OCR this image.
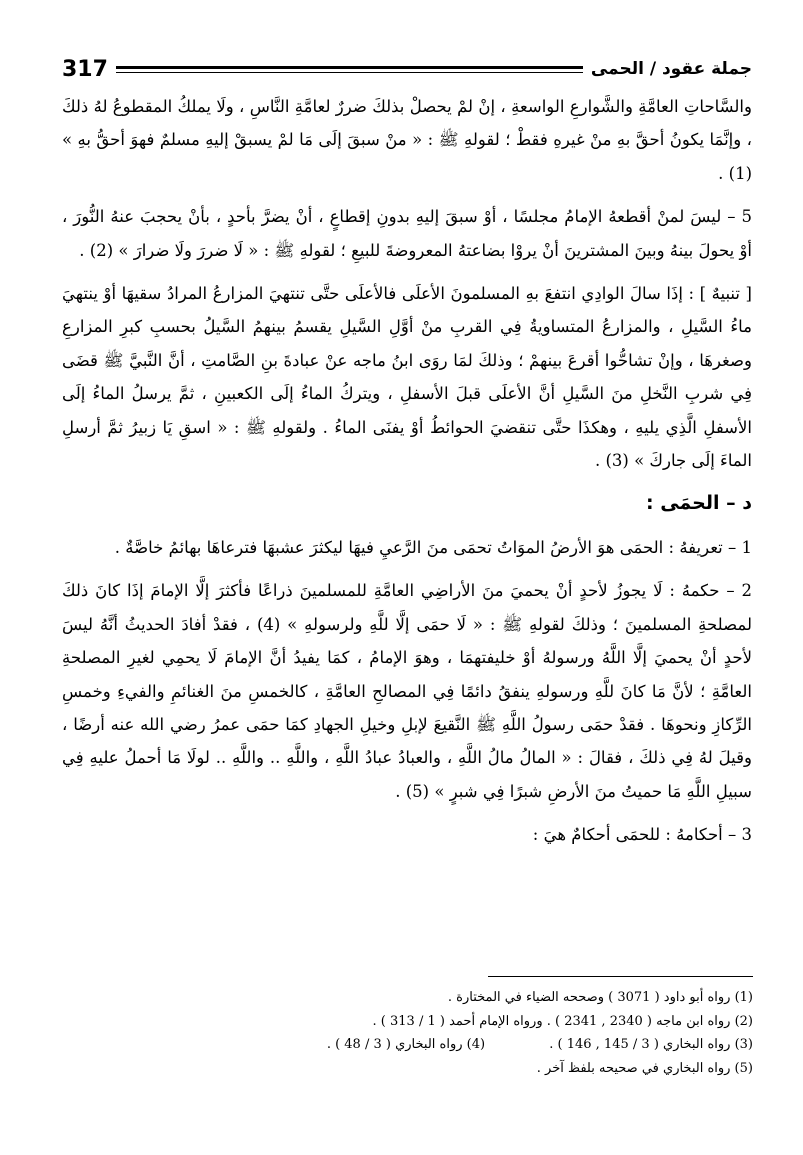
317	جملة عقود / الحمى

والسَّاحاتِ العامَّةِ والشَّوارعِ الواسعةِ ، إنْ لمْ يحصلْ بذلكَ ضررٌ لعامَّةِ النَّاسِ ، ولَا يملكُ المقطوعُ لهُ ذلكَ ، وإنَّمَا يكونُ أحقَّ بهِ منْ غيرهِ فقطْ ؛ لقولهِ ﷺ : « منْ سبقَ إلَى مَا لمْ يسبقْ إليهِ مسلمٌ فهوَ أحقُّ بهِ » (1) .

5 – ليسَ لمنْ أقطعهُ الإمامُ مجلسًا ، أوْ سبقَ إليهِ بدونِ إقطاعٍ ، أنْ يضرَّ بأحدٍ ، بأنْ يحجبَ عنهُ النُّورَ ، أوْ يحولَ بينهُ وبينَ المشترينَ أنْ يروْا بضاعتهُ المعروضةَ للبيعِ ؛ لقولهِ ﷺ : « لَا ضررَ ولَا ضرارَ » (2) .

[ تنبيهٌ ] : إذَا سالَ الوادِي انتفعَ بهِ المسلمونَ الأعلَى فالأعلَى حتَّى تنتهيَ المزارعُ المرادُ سقيهَا أوْ ينتهيَ ماءُ السَّيلِ ، والمزارعُ المتساويةُ فِي القربِ منْ أوَّلِ السَّيلِ يقسمُ بينهمُ السَّيلُ بحسبِ كبرِ المزارعِ وصغرهَا ، وإنْ تشاحُّوا أقرعَ بينهمْ ؛ وذلكَ لمَا روَى ابنُ ماجه عنْ عبادةَ بنِ الصَّامتِ ، أنَّ النَّبيَّ ﷺ قضَى فِي شربِ النَّخلِ منَ السَّيلِ أنَّ الأعلَى قبلَ الأسفلِ ، ويتركُ الماءُ إلَى الكعبينِ ، ثمَّ يرسلُ الماءُ إلَى الأسفلِ الَّذِي يليهِ ، وهكذَا حتَّى تنقضيَ الحوائطُ أوْ يفنَى الماءُ . ولقولهِ ﷺ : « اسقِ يَا زبيرُ ثمَّ أرسلِ الماءَ إلَى جاركَ » (3) .

د – الحمَى :

1 – تعريفهُ : الحمَى هوَ الأرضُ الموَاتُ تحمَى منَ الرَّعيِ فيهَا ليكثرَ عشبهَا فترعاهَا بهائمُ خاصَّةٌ .

2 – حكمهُ : لَا يجوزُ لأحدٍ أنْ يحميَ منَ الأراضِي العامَّةِ للمسلمينَ ذراعًا فأكثرَ إلَّا الإمامَ إذَا كانَ ذلكَ لمصلحةِ المسلمينَ ؛ وذلكَ لقولهِ ﷺ : « لَا حمَى إلَّا للَّهِ ولرسولهِ » (4) ، فقدْ أفادَ الحديثُ أنَّهُ ليسَ لأحدٍ أنْ يحميَ إلَّا اللَّهُ ورسولهُ أوْ خليفتهمَا ، وهوَ الإمامُ ، كمَا يفيدُ أنَّ الإمامَ لَا يحمِي لغيرِ المصلحةِ العامَّةِ ؛ لأنَّ مَا كانَ للَّهِ ورسولهِ ينفقُ دائمًا فِي المصالحِ العامَّةِ ، كالخمسِ منَ الغنائمِ والفيءِ وخمسِ الرِّكازِ ونحوهَا . فقدْ حمَى رسولُ اللَّهِ ﷺ النَّقيعَ لإبلِ وخيلِ الجهادِ كمَا حمَى عمرُ رضي الله عنه أرضًا ، وقيلَ لهُ فِي ذلكَ ، فقالَ : « المالُ مالُ اللَّهِ ، والعبادُ عبادُ اللَّهِ ، واللَّهِ .. واللَّهِ .. لولَا مَا أحملُ عليهِ فِي سبيلِ اللَّهِ مَا حميتُ منَ الأرضِ شبرًا فِي شبرٍ » (5) .

3 – أحكامهُ : للحمَى أحكامٌ هيَ :

(1) رواه أبو داود ( 3071 ) وصححه الضياء في المختارة .
(2) رواه ابن ماجه ( 2340 , 2341 ) . ورواه الإمام أحمد ( 1 / 313 ) .
(3) رواه البخاري ( 3 / 145 , 146 ) . (4) رواه البخاري ( 3 / 48 ) .
(5) رواه البخاري في صحيحه بلفظ آخر .
